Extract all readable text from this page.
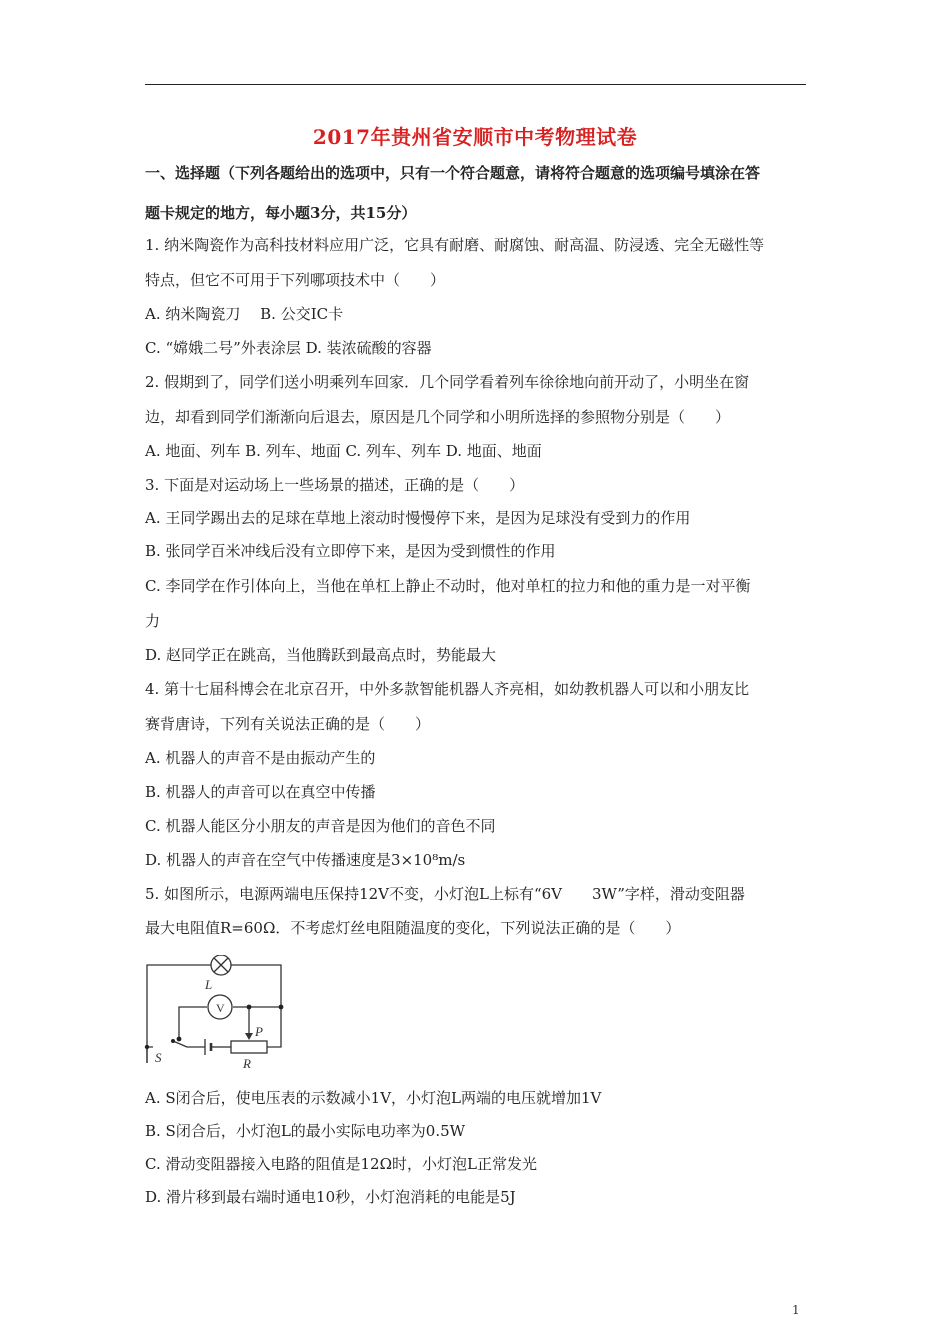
2017年贵州省安顺市中考物理试卷
一、选择题（下列各题给出的选项中，只有一个符合题意，请将符合题意的选项编号填涂在答
题卡规定的地方，每小题3分，共15分）
1. 纳米陶瓷作为高科技材料应用广泛，它具有耐磨、耐腐蚀、耐高温、防浸透、完全无磁性等
特点，但它不可用于下列哪项技术中（　　）
A. 纳米陶瓷刀　 B. 公交IC卡
C. “嫦娥二号”外表涂层 D. 装浓硫酸的容器
2. 假期到了，同学们送小明乘列车回家．几个同学看着列车徐徐地向前开动了，小明坐在窗
边，却看到同学们渐渐向后退去，原因是几个同学和小明所选择的参照物分别是（　　）
A. 地面、列车 B. 列车、地面 C. 列车、列车 D. 地面、地面
3. 下面是对运动场上一些场景的描述，正确的是（　　）
A. 王同学踢出去的足球在草地上滚动时慢慢停下来，是因为足球没有受到力的作用
B. 张同学百米冲线后没有立即停下来，是因为受到惯性的作用
C. 李同学在作引体向上，当他在单杠上静止不动时，他对单杠的拉力和他的重力是一对平衡
力
D. 赵同学正在跳高，当他腾跃到最高点时，势能最大
4. 第十七届科博会在北京召开，中外多款智能机器人齐亮相，如幼教机器人可以和小朋友比
赛背唐诗，下列有关说法正确的是（　　）
A. 机器人的声音不是由振动产生的
B. 机器人的声音可以在真空中传播
C. 机器人能区分小朋友的声音是因为他们的音色不同
D. 机器人的声音在空气中传播速度是3×10⁸m/s
5. 如图所示，电源两端电压保持12V不变，小灯泡L上标有“6V　　3W”字样，滑动变阻器
最大电阻值R=60Ω．不考虑灯丝电阻随温度的变化，下列说法正确的是（　　）
L
V
P
R
S
A. S闭合后，使电压表的示数减小1V，小灯泡L两端的电压就增加1V
B. S闭合后，小灯泡L的最小实际电功率为0.5W
C. 滑动变阻器接入电路的阻值是12Ω时，小灯泡L正常发光
D. 滑片移到最右端时通电10秒，小灯泡消耗的电能是5J
1
